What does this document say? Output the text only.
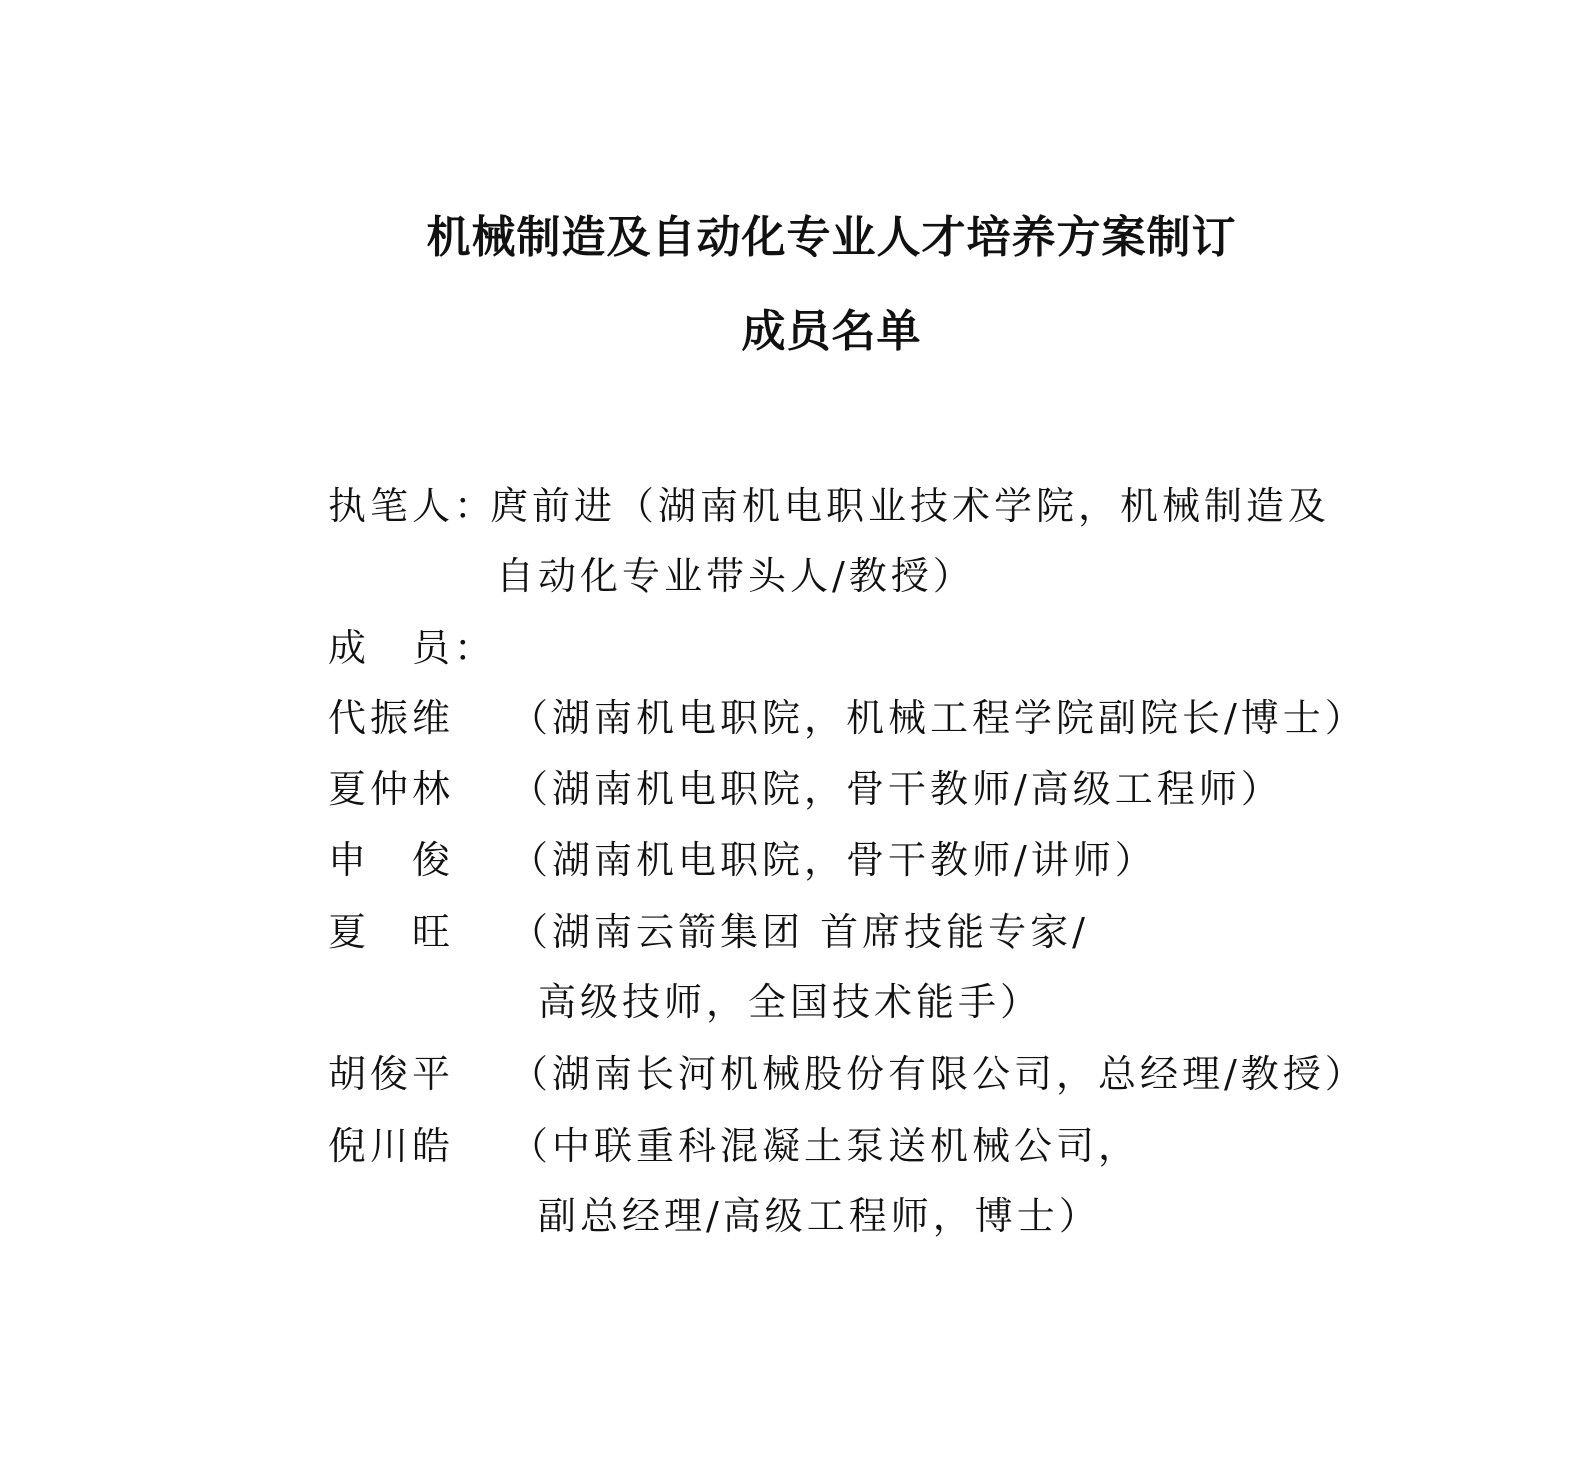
机械制造及自动化专业人才培养方案制订
成员名单
执笔人：
庹前进（湖南机电职业技术学院，机械制造及
自动化专业带头人/教授）
成　员：
代振维 （湖南机电职院，机械工程学院副院长/博士）
夏仲林 （湖南机电职院，骨干教师/高级工程师）
申　俊 （湖南机电职院，骨干教师/讲师）
夏　旺 （湖南云箭集团 首席技能专家/
高级技师，全国技术能手）
胡俊平 （湖南长河机械股份有限公司，总经理/教授）
倪川皓 （中联重科混凝土泵送机械公司，
副总经理/高级工程师，博士）
